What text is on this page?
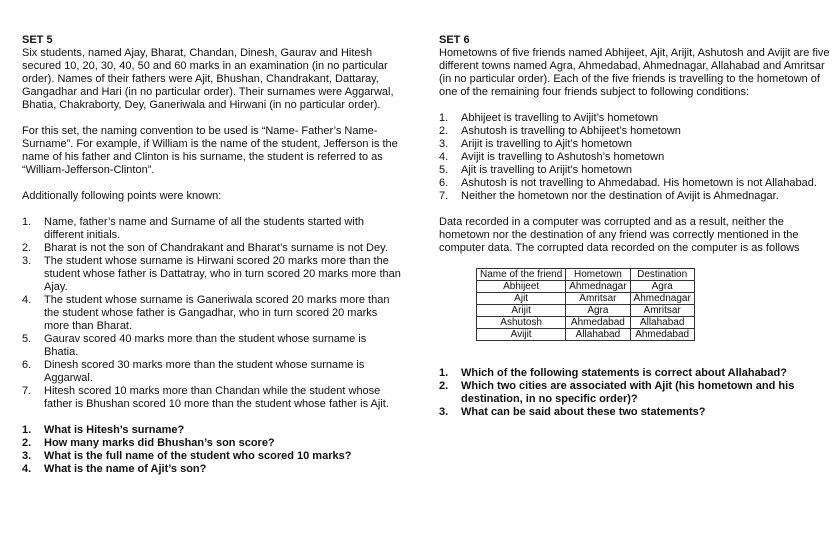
SET 5

Six students, named Ajay, Bharat, Chandan, Dinesh, Gaurav and Hitesh secured 10, 20, 30, 40, 50 and 60 marks in an examination (in no particular order). Names of their fathers were Ajit, Bhushan, Chandrakant, Dattaray, Gangadhar and Hari (in no particular order). Their surnames were Aggarwal, Bhatia, Chakraborty, Dey, Ganeriwala and Hirwani (in no particular order).

For this set, the naming convention to be used is “Name- Father’s Name-Surname”. For example, if William is the name of the student, Jefferson is the name of his father and Clinton is his surname, the student is referred to as “William-Jefferson-Clinton”.

Additionally following points were known:

1. Name, father’s name and Surname of all the students started with different initials.
2. Bharat is not the son of Chandrakant and Bharat’s surname is not Dey.
3. The student whose surname is Hirwani scored 20 marks more than the student whose father is Dattatray, who in turn scored 20 marks more than Ajay.
4. The student whose surname is Ganeriwala scored 20 marks more than the student whose father is Gangadhar, who in turn scored 20 marks more than Bharat.
5. Gaurav scored 40 marks more than the student whose surname is Bhatia.
6. Dinesh scored 30 marks more than the student whose surname is Aggarwal.
7. Hitesh scored 10 marks more than Chandan while the student whose father is Bhushan scored 10 more than the student whose father is Ajit.
1. What is Hitesh’s surname?
2. How many marks did Bhushan’s son score?
3. What is the full name of the student who scored 10 marks?
4. What is the name of Ajit’s son?

SET 6

Hometowns of five friends named Abhijeet, Ajit, Arijit, Ashutosh and Avijit are five different towns named Agra, Ahmedabad, Ahmednagar, Allahabad and Amritsar (in no particular order). Each of the five friends is travelling to the hometown of one of the remaining four friends subject to following conditions:

1. Abhijeet is travelling to Avijit’s hometown
2. Ashutosh is travelling to Abhijeet’s hometown
3. Arijit is travelling to Ajit’s hometown
4. Avijit is travelling to Ashutosh’s hometown
5. Ajit is travelling to Arijit’s hometown
6. Ashutosh is not travelling to Ahmedabad. His hometown is not Allahabad.
7. Neither the hometown nor the destination of Avijit is Ahmednagar.

Data recorded in a computer was corrupted and as a result, neither the hometown nor the destination of any friend was correctly mentioned in the computer data. The corrupted data recorded on the computer is as follows

Name of the friend	Hometown	Destination
Abhijeet	Ahmednagar	Agra
Ajit	Amritsar	Ahmednagar
Arijit	Agra	Amritsar
Ashutosh	Ahmedabad	Allahabad
Avijit	Allahabad	Ahmedabad
1. Which of the following statements is correct about Allahabad?
2. Which two cities are associated with Ajit (his hometown and his destination, in no specific order)?
3. What can be said about these two statements?
